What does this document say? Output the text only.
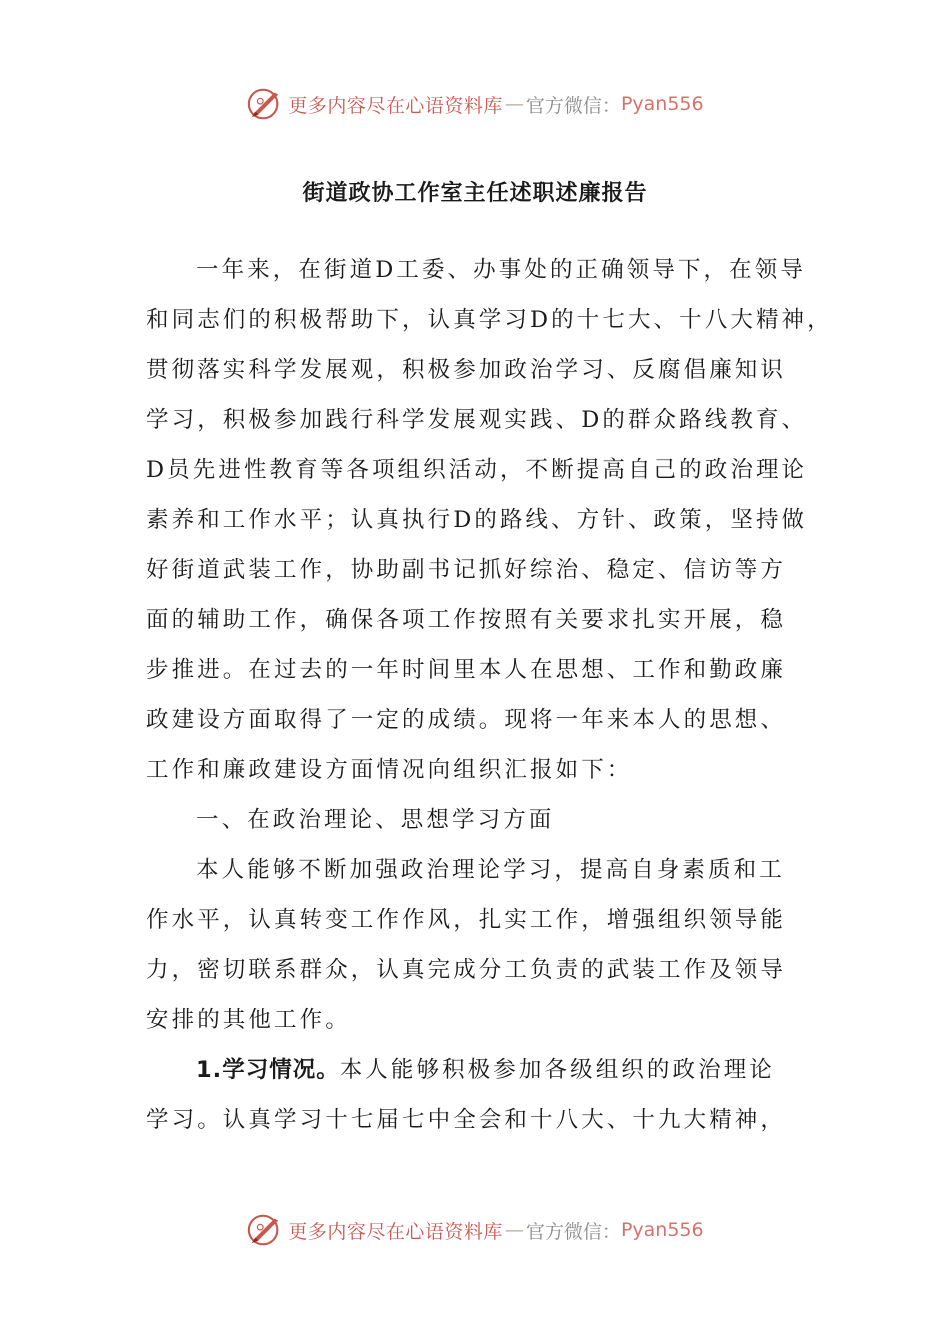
更多内容尽在心语资料库 — 官方微信： Pyan556
街道政协工作室主任述职述廉报告
一年来，在街道D工委、办事处的正确领导下，在领导
和同志们的积极帮助下，认真学习D的十七大、十八大精神，
贯彻落实科学发展观，积极参加政治学习、反腐倡廉知识
学习，积极参加践行科学发展观实践、D的群众路线教育、
D员先进性教育等各项组织活动，不断提高自己的政治理论
素养和工作水平；认真执行D的路线、方针、政策，坚持做
好街道武装工作，协助副书记抓好综治、稳定、信访等方
面的辅助工作，确保各项工作按照有关要求扎实开展，稳
步推进。在过去的一年时间里本人在思想、工作和勤政廉
政建设方面取得了一定的成绩。现将一年来本人的思想、
工作和廉政建设方面情况向组织汇报如下：
一、在政治理论、思想学习方面
本人能够不断加强政治理论学习，提高自身素质和工
作水平，认真转变工作作风，扎实工作，增强组织领导能
力，密切联系群众，认真完成分工负责的武装工作及领导
安排的其他工作。
1.学习情况。本人能够积极参加各级组织的政治理论
学习。认真学习十七届七中全会和十八大、十九大精神，
更多内容尽在心语资料库 — 官方微信： Pyan556
